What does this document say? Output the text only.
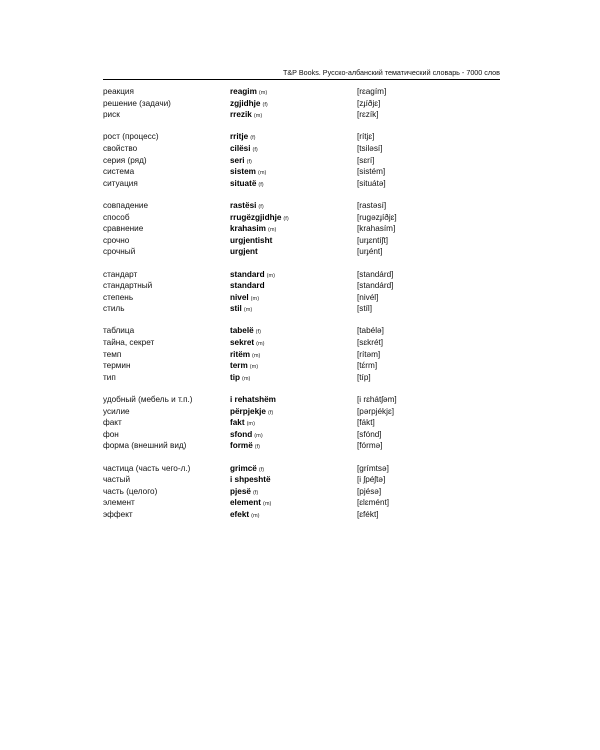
T&P Books. Русско-албанский тематический словарь - 7000 слов
реакция	reagim (m)	[rɛagím]
решение (задачи)	zgjidhje (f)	[zɟíðjɛ]
риск	rrezik (m)	[rɛzík]
рост (процесс)	rritje (f)	[rítjɛ]
свойство	cilësi (f)	[tsiləsí]
серия (ряд)	seri (f)	[sɛrí]
система	sistem (m)	[sistém]
ситуация	situatë (f)	[situátə]
совпадение	rastësi (f)	[rastəsí]
способ	rrugëzgjidhje (f)	[rugəzɟíðjɛ]
сравнение	krahasim (m)	[krahasím]
срочно	urgjentisht	[urɟɛntíʃt]
срочный	urgjent	[urɟént]
стандарт	standard (m)	[standárd]
стандартный	standard	[standárd]
степень	nivel (m)	[nivél]
стиль	stil (m)	[stíl]
таблица	tabelë (f)	[tabélə]
тайна, секрет	sekret (m)	[sɛkrét]
темп	ritëm (m)	[rítəm]
термин	term (m)	[tɛ́rm]
тип	tip (m)	[típ]
удобный (мебель и т.п.)	i rehatshëm	[i rɛhátʃəm]
усилие	përpjekje (f)	[pərpjékjɛ]
факт	fakt (m)	[fákt]
фон	sfond (m)	[sfónd]
форма (внешний вид)	formë (f)	[fórmə]
частица (часть чего-л.)	grimcë (f)	[grímtsə]
частый	i shpeshtë	[i ʃpéʃtə]
часть (целого)	pjesë (f)	[pjésə]
элемент	element (m)	[ɛlɛmént]
эффект	efekt (m)	[ɛfékt]
